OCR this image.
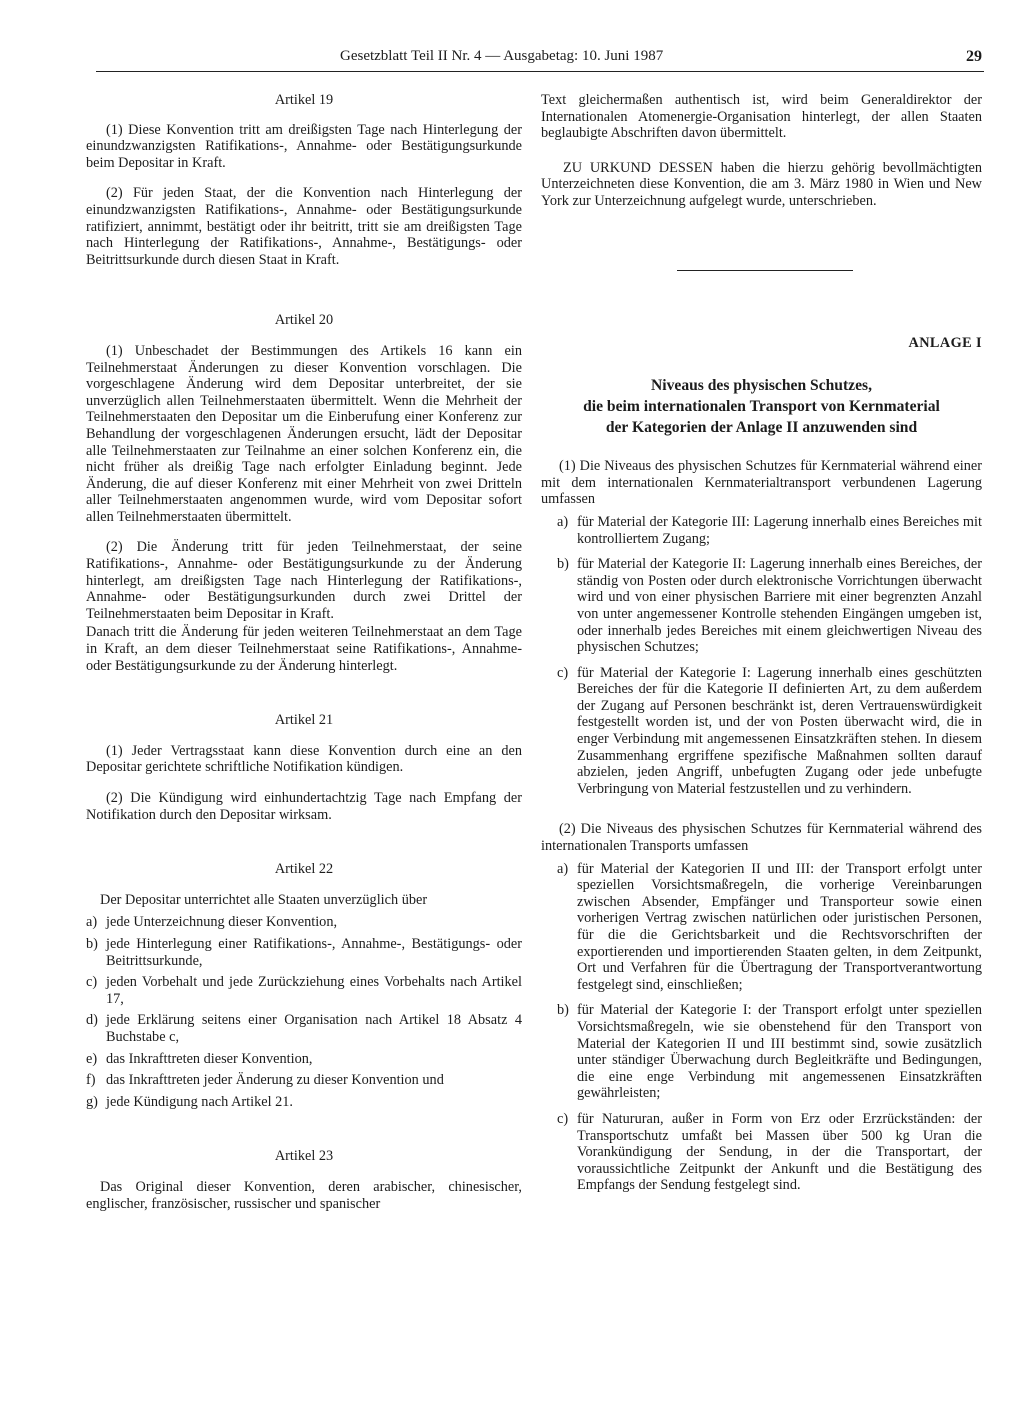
Gesetzblatt Teil II Nr. 4 — Ausgabetag: 10. Juni 1987	29
Artikel 19

(1) Diese Konvention tritt am dreißigsten Tage nach Hinterlegung der einundzwanzigsten Ratifikations-, Annahme- oder Bestätigungsurkunde beim Depositar in Kraft.

(2) Für jeden Staat, der die Konvention nach Hinterlegung der einundzwanzigsten Ratifikations-, Annahme- oder Bestätigungsurkunde ratifiziert, annimmt, bestätigt oder ihr beitritt, tritt sie am dreißigsten Tage nach Hinterlegung der Ratifikations-, Annahme-, Bestätigungs- oder Beitrittsurkunde durch diesen Staat in Kraft.

Artikel 20

(1) Unbeschadet der Bestimmungen des Artikels 16 kann ein Teilnehmerstaat Änderungen zu dieser Konvention vorschlagen. Die vorgeschlagene Änderung wird dem Depositar unterbreitet, der sie unverzüglich allen Teilnehmerstaaten übermittelt. Wenn die Mehrheit der Teilnehmerstaaten den Depositar um die Einberufung einer Konferenz zur Behandlung der vorgeschlagenen Änderungen ersucht, lädt der Depositar alle Teilnehmerstaaten zur Teilnahme an einer solchen Konferenz ein, die nicht früher als dreißig Tage nach erfolgter Einladung beginnt. Jede Änderung, die auf dieser Konferenz mit einer Mehrheit von zwei Dritteln aller Teilnehmerstaaten angenommen wurde, wird vom Depositar sofort allen Teilnehmerstaaten übermittelt.

(2) Die Änderung tritt für jeden Teilnehmerstaat, der seine Ratifikations-, Annahme- oder Bestätigungsurkunde zu der Änderung hinterlegt, am dreißigsten Tage nach Hinterlegung der Ratifikations-, Annahme- oder Bestätigungsurkunden durch zwei Drittel der Teilnehmerstaaten beim Depositar in Kraft.

Danach tritt die Änderung für jeden weiteren Teilnehmerstaat an dem Tage in Kraft, an dem dieser Teilnehmerstaat seine Ratifikations-, Annahme- oder Bestätigungsurkunde zu der Änderung hinterlegt.

Artikel 21

(1) Jeder Vertragsstaat kann diese Konvention durch eine an den Depositar gerichtete schriftliche Notifikation kündigen.

(2) Die Kündigung wird einhundertachtzig Tage nach Empfang der Notifikation durch den Depositar wirksam.

Artikel 22

Der Depositar unterrichtet alle Staaten unverzüglich über

a) jede Unterzeichnung dieser Konvention,
b) jede Hinterlegung einer Ratifikations-, Annahme-, Bestätigungs- oder Beitrittsurkunde,
c) jeden Vorbehalt und jede Zurückziehung eines Vorbehalts nach Artikel 17,
d) jede Erklärung seitens einer Organisation nach Artikel 18 Absatz 4 Buchstabe c,
e) das Inkrafttreten dieser Konvention,
f) das Inkrafttreten jeder Änderung zu dieser Konvention und
g) jede Kündigung nach Artikel 21.
Artikel 23

Das Original dieser Konvention, deren arabischer, chinesischer, englischer, französischer, russischer und spanischer

Text gleichermaßen authentisch ist, wird beim Generaldirektor der Internationalen Atomenergie-Organisation hinterlegt, der allen Staaten beglaubigte Abschriften davon übermittelt.

ZU URKUND DESSEN haben die hierzu gehörig bevollmächtigten Unterzeichneten diese Konvention, die am 3. März 1980 in Wien und New York zur Unterzeichnung aufgelegt wurde, unterschrieben.

ANLAGE I

Niveaus des physischen Schutzes,
die beim internationalen Transport von Kernmaterial
der Kategorien der Anlage II anzuwenden sind

(1) Die Niveaus des physischen Schutzes für Kernmaterial während einer mit dem internationalen Kernmaterialtransport verbundenen Lagerung umfassen

a) für Material der Kategorie III: Lagerung innerhalb eines Bereiches mit kontrolliertem Zugang;
b) für Material der Kategorie II: Lagerung innerhalb eines Bereiches, der ständig von Posten oder durch elektronische Vorrichtungen überwacht wird und von einer physischen Barriere mit einer begrenzten Anzahl von unter angemessener Kontrolle stehenden Eingängen umgeben ist, oder innerhalb jedes Bereiches mit einem gleichwertigen Niveau des physischen Schutzes;
c) für Material der Kategorie I: Lagerung innerhalb eines geschützten Bereiches der für die Kategorie II definierten Art, zu dem außerdem der Zugang auf Personen beschränkt ist, deren Vertrauenswürdigkeit festgestellt worden ist, und der von Posten überwacht wird, die in enger Verbindung mit angemessenen Einsatzkräften stehen. In diesem Zusammenhang ergriffene spezifische Maßnahmen sollten darauf abzielen, jeden Angriff, unbefugten Zugang oder jede unbefugte Verbringung von Material festzustellen und zu verhindern.

(2) Die Niveaus des physischen Schutzes für Kernmaterial während des internationalen Transports umfassen

a) für Material der Kategorien II und III: der Transport erfolgt unter speziellen Vorsichtsmaßregeln, die vorherige Vereinbarungen zwischen Absender, Empfänger und Transporteur sowie einen vorherigen Vertrag zwischen natürlichen oder juristischen Personen, für die die Gerichtsbarkeit und die Rechtsvorschriften der exportierenden und importierenden Staaten gelten, in dem Zeitpunkt, Ort und Verfahren für die Übertragung der Transportverantwortung festgelegt sind, einschließen;
b) für Material der Kategorie I: der Transport erfolgt unter speziellen Vorsichtsmaßregeln, wie sie obenstehend für den Transport von Material der Kategorien II und III bestimmt sind, sowie zusätzlich unter ständiger Überwachung durch Begleitkräfte und Bedingungen, die eine enge Verbindung mit angemessenen Einsatzkräften gewährleisten;
c) für Natururan, außer in Form von Erz oder Erzrückständen: der Transportschutz umfaßt bei Massen über 500 kg Uran die Vorankündigung der Sendung, in der die Transportart, der voraussichtliche Zeitpunkt der Ankunft und die Bestätigung des Empfangs der Sendung festgelegt sind.
